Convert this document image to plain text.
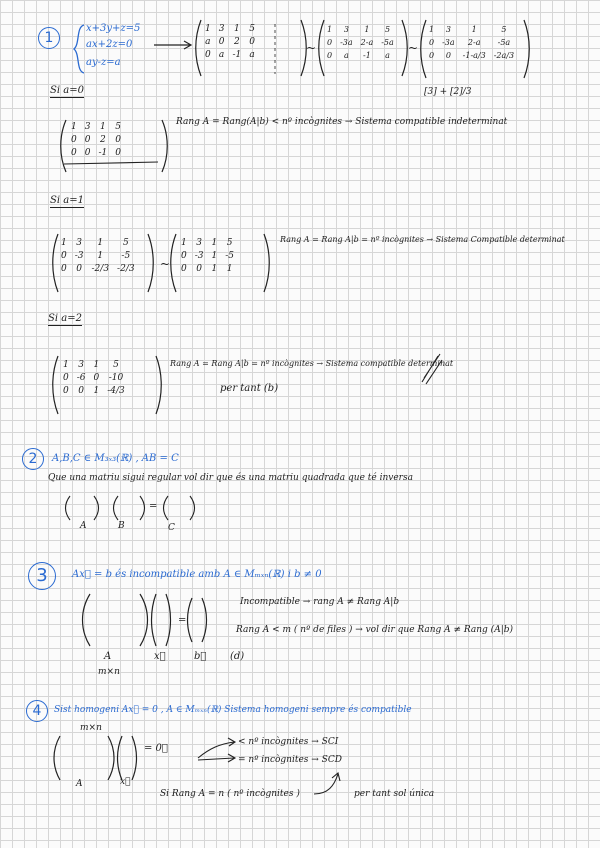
1
x+3y+z=5
ax+2z=0
ay-z=a
1	3	1	5
a	0	2	0
0	a	-1	a	~
1	3	1	5
0	-3a	2-a	-5a
0	a	-1	a
~
1	3	1	5
0	-3a	2-a	-5a
0	0	-1-a/3	-2a/3
[3] + [2]/3
Si a=0
1	3	1	5
0	0	2	0
0	0	-1	0
Rang A = Rang(A|b) < nº incògnites → Sistema compatible indeterminat
Si a=1
1	3	1	5
0	-3	1	-5
0	0	-2/3	-2/3 ~
1	3	1	5
0	-3	1	-5
0	0	1	1
Rang A = Rang A|b = nº incògnites → Sistema Compatible determinat
Si a=2
1	3	1	5
0	-6	0	-10
0	0	1	-4/3
Rang A = Rang A|b = nº incògnites → Sistema compatible determinat
per tant (b)
2	A,B,C ∈ M₃ₓ₃(ℝ) , AB = C
Que una matriu sigui regular vol dir que és una matriu quadrada que té inversa
=
A	B	C
3	Ax⃗ = b és incompatible amb A ∈ Mₘₓₙ(ℝ) i b ≠ 0
=
A	x⃗	b⃗
m×n
(d)
Incompatible → rang A ≠ Rang A|b
Rang A < m ( nº de files ) → vol dir que Rang A ≠ Rang (A|b)
4	Sist homogeni Ax⃗ = 0 , A ∈ Mₘₓₙ(ℝ) Sistema homogeni sempre és compatible
m×n
= 0⃗
A	x⃗
< nº incògnites → SCI
= nº incògnites → SCD
Si Rang A = n ( nº incògnites )	per tant sol única
